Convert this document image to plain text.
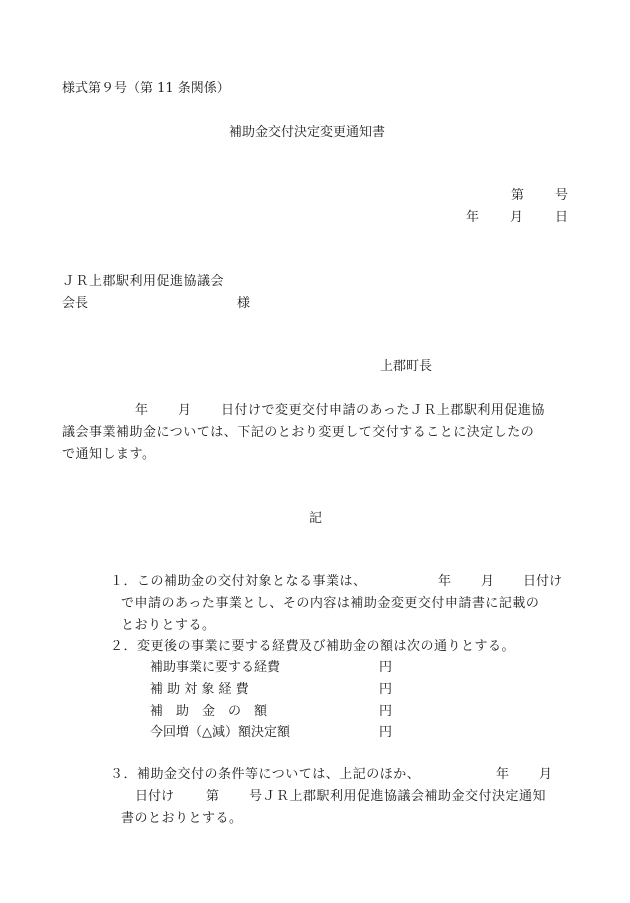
様式第９号（第 11 条関係）
補助金交付決定変更通知書
第 号
年 月 日
ＪＲ上郡駅利用促進協議会
会長	様
上郡町長
年 月 日付けで変更交付申請のあったＪＲ上郡駅利用促進協
議会事業補助金については、下記のとおり変更して交付することに決定したの
で通知します。
記
１．この補助金の交付対象となる事業は、	年 月 日付け
で申請のあった事業とし、その内容は補助金変更交付申請書に記載の
とおりとする。
２．変更後の事業に要する経費及び補助金の額は次の通りとする。
補助事業に要する経費	円
補 助 対 象 経 費	円
補　助　金　の　額	円
今回増（△減）額決定額	円
３．補助金交付の条件等については、上記のほか、	年 月
日付け 第 号ＪＲ上郡駅利用促進協議会補助金交付決定通知
書のとおりとする。
